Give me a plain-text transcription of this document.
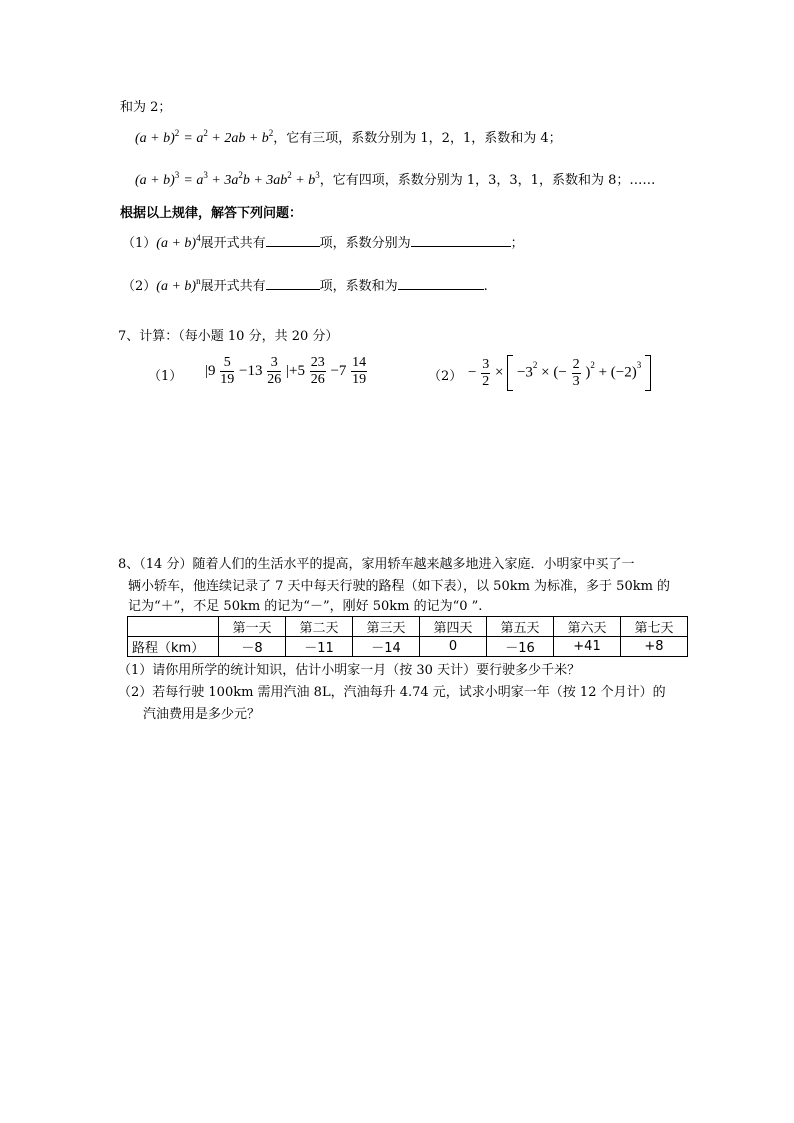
和为 2；
$(a + b)^2 = a^2 + 2ab + b^2$，它有三项，系数分别为 1，2，1，系数和为 4；
$(a + b)^3 = a^3 + 3a^2b + 3ab^2 + b^3$，它有四项，系数分别为 1，3，3，1，系数和为 8；……
根据以上规律，解答下列问题：
$(1)(a + b)^4$展开式共有	项，系数分别为	；
$(2)(a + b)^n$展开式共有	项，系数和为	.
7、计算：（每小题 10 分，共 20 分）
（1） $|9 \frac{5}{19} -13 \frac{3}{26} |+5 \frac{23}{26} -7 \frac{14}{19}$	$(2) - \frac{3}{2} \times -3^2$ × (− $\frac{2}{3} )^2 + (-2)^3$
8、（14 分）随着人们的生活水平的提高，家用轿车越来越多地进入家庭．小明家中买了一
辆小轿车，他连续记录了 7 天中每天行驶的路程（如下表），以 50km 为标准，多于 50km 的
记为“＋”，不足 50km 的记为“－”，刚好 50km 的记为“0 ”.
	第一天	第二天	第三天	第四天	第五天	第六天	第七天
路程（km）	－8	－11	－14	0	－16	+41	+8
（1）请你用所学的统计知识，估计小明家一月（按 30 天计）要行驶多少千米？
（2）若每行驶 100km 需用汽油 8L，汽油每升 4.74 元，试求小明家一年（按 12 个月计）的
汽油费用是多少元？
